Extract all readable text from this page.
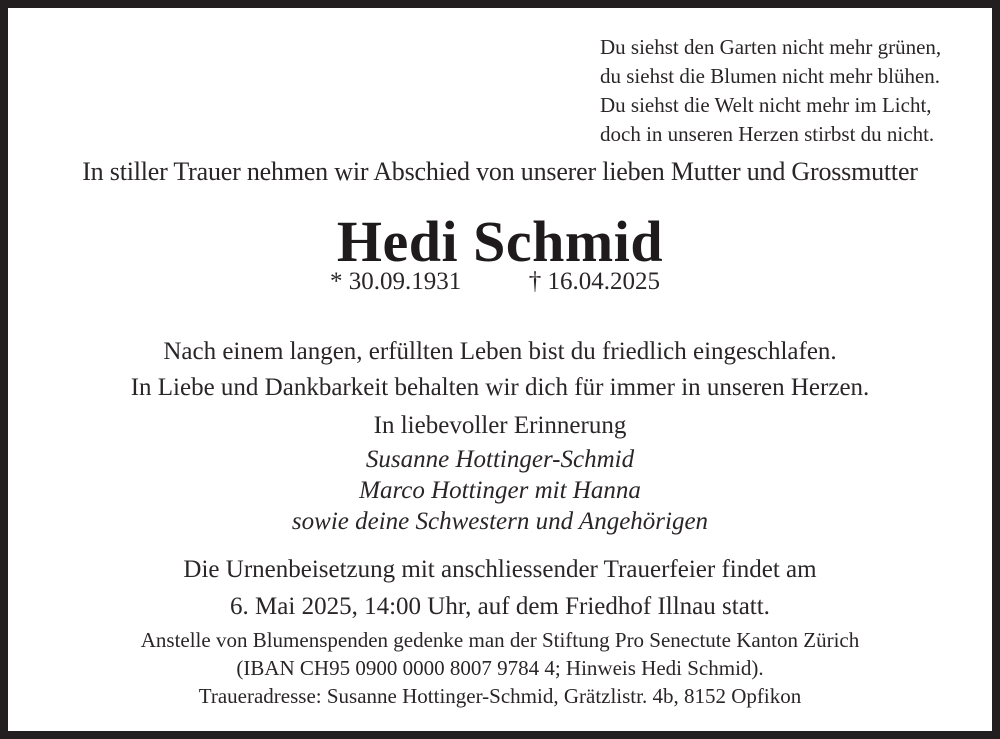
Du siehst den Garten nicht mehr grünen,
du siehst die Blumen nicht mehr blühen.
Du siehst die Welt nicht mehr im Licht,
doch in unseren Herzen stirbst du nicht.
In stiller Trauer nehmen wir Abschied von unserer lieben Mutter und Grossmutter
Hedi Schmid
* 30.09.1931	† 16.04.2025
Nach einem langen, erfüllten Leben bist du friedlich eingeschlafen.
In Liebe und Dankbarkeit behalten wir dich für immer in unseren Herzen.
In liebevoller Erinnerung
Susanne Hottinger-Schmid
Marco Hottinger mit Hanna
sowie deine Schwestern und Angehörigen
Die Urnenbeisetzung mit anschliessender Trauerfeier findet am
6. Mai 2025, 14:00 Uhr, auf dem Friedhof Illnau statt.
Anstelle von Blumenspenden gedenke man der Stiftung Pro Senectute Kanton Zürich
(IBAN CH95 0900 0000 8007 9784 4; Hinweis Hedi Schmid).
Traueradresse: Susanne Hottinger-Schmid, Grätzlistr. 4b, 8152 Opfikon
